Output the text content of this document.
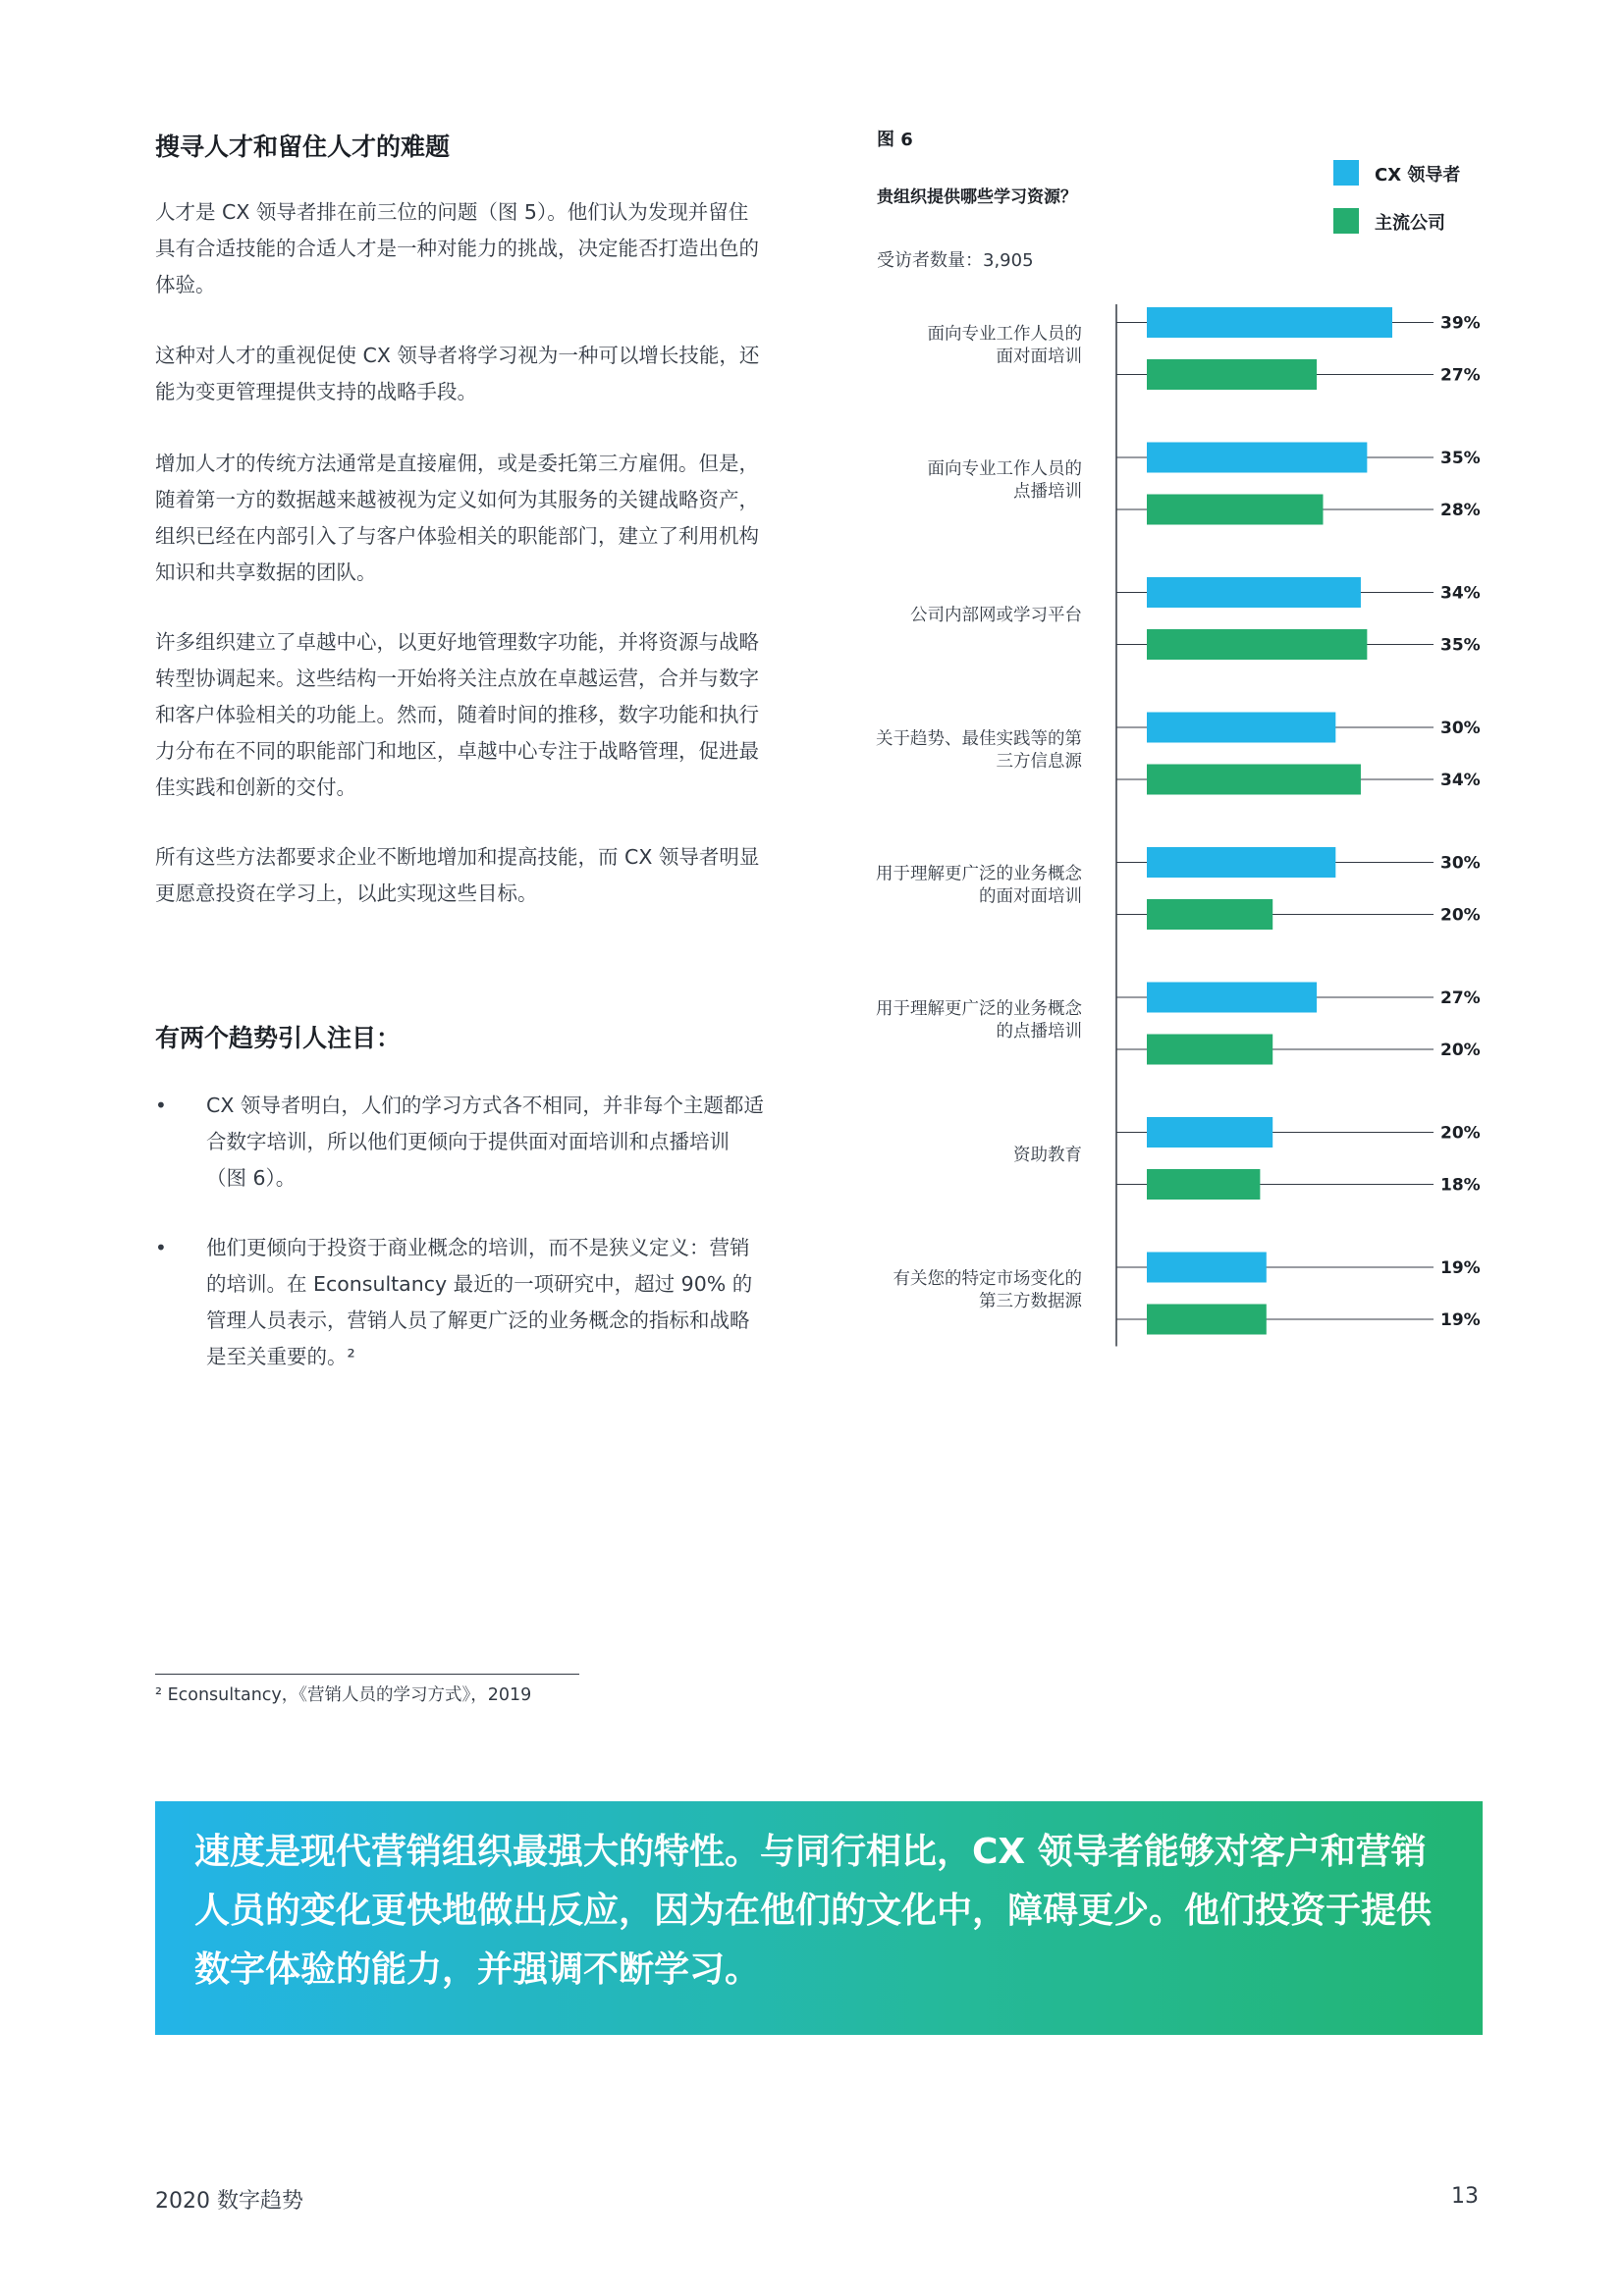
搜寻人才和留住人才的难题

人才是 CX 领导者排在前三位的问题（图 5）。他们认为发现并留住具有合适技能的合适人才是一种对能力的挑战，决定能否打造出色的体验。

这种对人才的重视促使 CX 领导者将学习视为一种可以增长技能，还能为变更管理提供支持的战略手段。

增加人才的传统方法通常是直接雇佣，或是委托第三方雇佣。但是，随着第一方的数据越来越被视为定义如何为其服务的关键战略资产，组织已经在内部引入了与客户体验相关的职能部门，建立了利用机构知识和共享数据的团队。

许多组织建立了卓越中心，以更好地管理数字功能，并将资源与战略转型协调起来。这些结构一开始将关注点放在卓越运营，合并与数字和客户体验相关的功能上。然而，随着时间的推移，数字功能和执行力分布在不同的职能部门和地区，卓越中心专注于战略管理，促进最佳实践和创新的交付。

所有这些方法都要求企业不断地增加和提高技能，而 CX 领导者明显更愿意投资在学习上，以此实现这些目标。

有两个趋势引人注目：
• CX 领导者明白，人们的学习方式各不相同，并非每个主题都适合数字培训，所以他们更倾向于提供面对面培训和点播培训（图 6）。

• 他们更倾向于投资于商业概念的培训，而不是狭义定义：营销的培训。在 Econsultancy 最近的一项研究中，超过 90% 的管理人员表示，营销人员了解更广泛的业务概念的指标和战略是至关重要的。²

图 6
贵组织提供哪些学习资源？
受访者数量：3,905
CX 领导者
主流公司
39%
27%
面向专业工作人员的
面对面培训
35%
28%
面向专业工作人员的
点播培训
34%
35%
公司内部网或学习平台
30%
34%
关于趋势、最佳实践等的第
三方信息源
30%
20%
用于理解更广泛的业务概念
的面对面培训
27%
20%
用于理解更广泛的业务概念
的点播培训
20%
18%
资助教育
19%
19%
有关您的特定市场变化的
第三方数据源
² Econsultancy，《营销人员的学习方式》，2019
速度是现代营销组织最强大的特性。与同行相比，CX 领导者能够对客户和营销人员的变化更快地做出反应，因为在他们的文化中，障碍更少。他们投资于提供数字体验的能力，并强调不断学习。
2020 数字趋势	13
